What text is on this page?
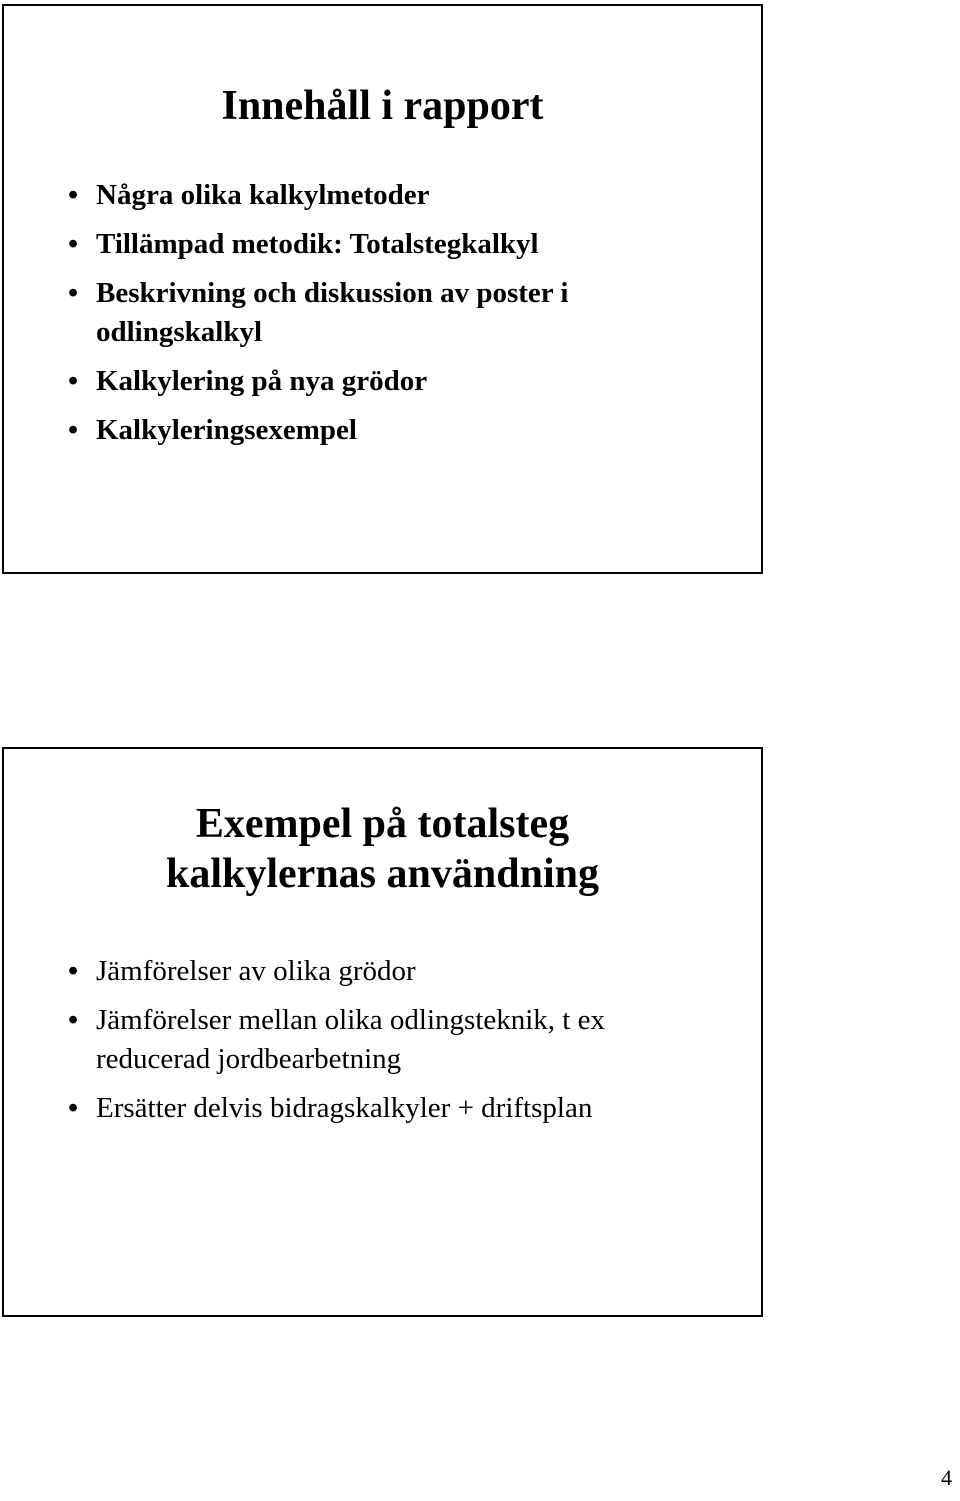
Innehåll i rapport
• Några olika kalkylmetoder
• Tillämpad metodik: Totalstegkalkyl
• Beskrivning och diskussion av poster i odlingskalkyl
• Kalkylering på nya grödor
• Kalkyleringsexempel
Exempel på totalsteg
kalkylernas användning
• Jämförelser av olika grödor
• Jämförelser mellan olika odlingsteknik, t ex reducerad jordbearbetning
• Ersätter delvis bidragskalkyler + driftsplan
4
